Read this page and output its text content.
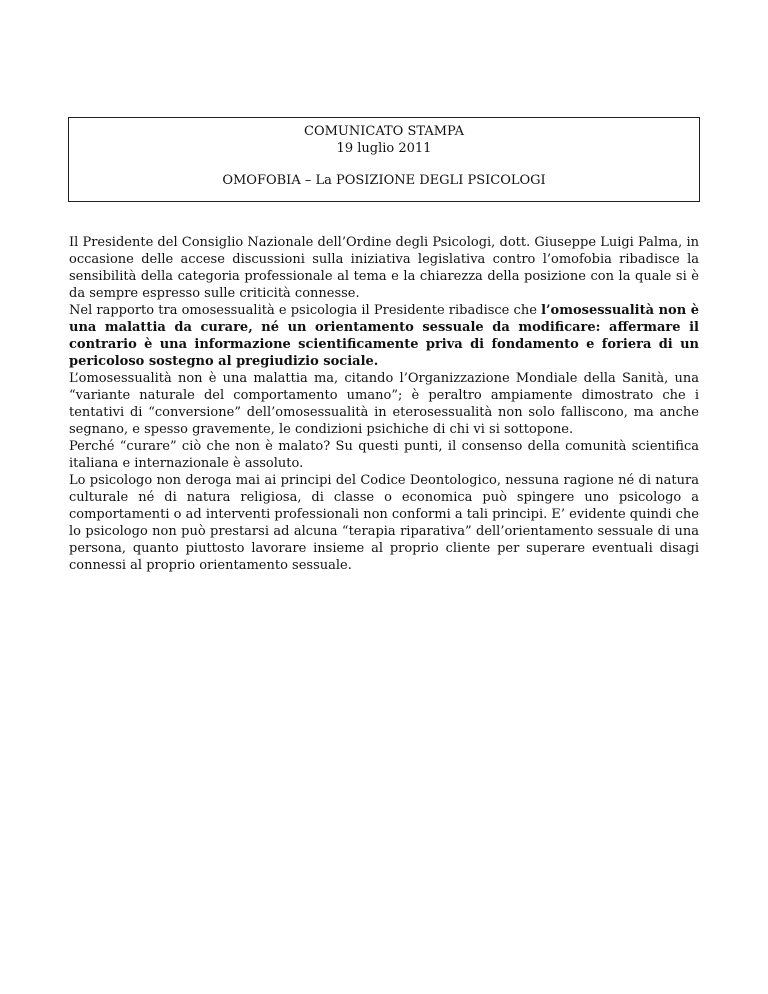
COMUNICATO STAMPA
19 luglio 2011
OMOFOBIA – La POSIZIONE DEGLI PSICOLOGI

Il Presidente del Consiglio Nazionale dell’Ordine degli Psicologi, dott. Giuseppe Luigi Palma, in occasione delle accese discussioni sulla iniziativa legislativa contro l’omofobia ribadisce la sensibilità della categoria professionale al tema e la chiarezza della posizione con la quale si è da sempre espresso sulle criticità connesse.

Nel rapporto tra omosessualità e psicologia il Presidente ribadisce che l’omosessualità non è una malattia da curare, né un orientamento sessuale da modificare: affermare il contrario è una informazione scientificamente priva di fondamento e foriera di un pericoloso sostegno al pregiudizio sociale.

L’omosessualità non è una malattia ma, citando l’Organizzazione Mondiale della Sanità, una “variante naturale del comportamento umano”; è peraltro ampiamente dimostrato che i tentativi di “conversione” dell’omosessualità in eterosessualità non solo falliscono, ma anche segnano, e spesso gravemente, le condizioni psichiche di chi vi si sottopone.

Perché “curare” ciò che non è malato? Su questi punti, il consenso della comunità scientifica italiana e internazionale è assoluto.

Lo psicologo non deroga mai ai principi del Codice Deontologico, nessuna ragione né di natura culturale né di natura religiosa, di classe o economica può spingere uno psicologo a comportamenti o ad interventi professionali non conformi a tali principi. E’ evidente quindi che lo psicologo non può prestarsi ad alcuna “terapia riparativa” dell’orientamento sessuale di una persona, quanto piuttosto lavorare insieme al proprio cliente per superare eventuali disagi connessi al proprio orientamento sessuale.
